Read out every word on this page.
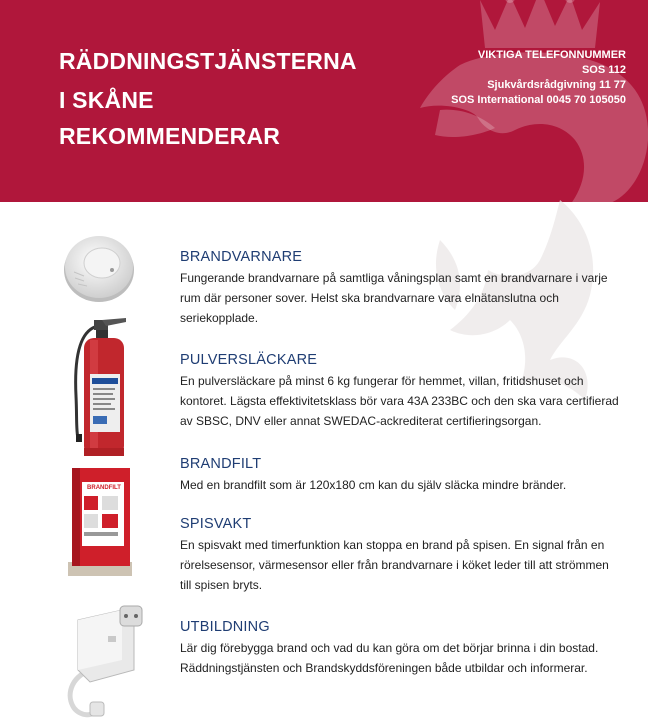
RÄDDNINGSTJÄNSTERNA
I SKÅNE
REKOMMENDERAR
VIKTIGA TELEFONNUMMER
SOS 112
Sjukvårdsrådgivning 11 77
SOS International 0045 70 105050
BRANDFILT
BRANDVARNARE

Fungerande brandvarnare på samtliga våningsplan samt en brandvarnare i varje rum där personer sover. Helst ska brandvarnare vara elnätanslutna och seriekopplade.

PULVERSLÄCKARE

En pulversläckare på minst 6 kg fungerar för hemmet, villan, fritidshuset och kontoret. Lägsta effektivitetsklass bör vara 43A 233BC och den ska vara certifierad av SBSC, DNV eller annat SWEDAC-ackrediterat certifieringsorgan.

BRANDFILT

Med en brandfilt som är 120x180 cm kan du själv släcka mindre bränder.

SPISVAKT

En spisvakt med timerfunktion kan stoppa en brand på spisen. En signal från en rörelsesensor, värmesensor eller från brandvarnare i köket leder till att strömmen till spisen bryts.

UTBILDNING

Lär dig förebygga brand och vad du kan göra om det börjar brinna i din bostad. Räddningstjänsten och Brandskyddsföreningen både utbildar och informerar.
